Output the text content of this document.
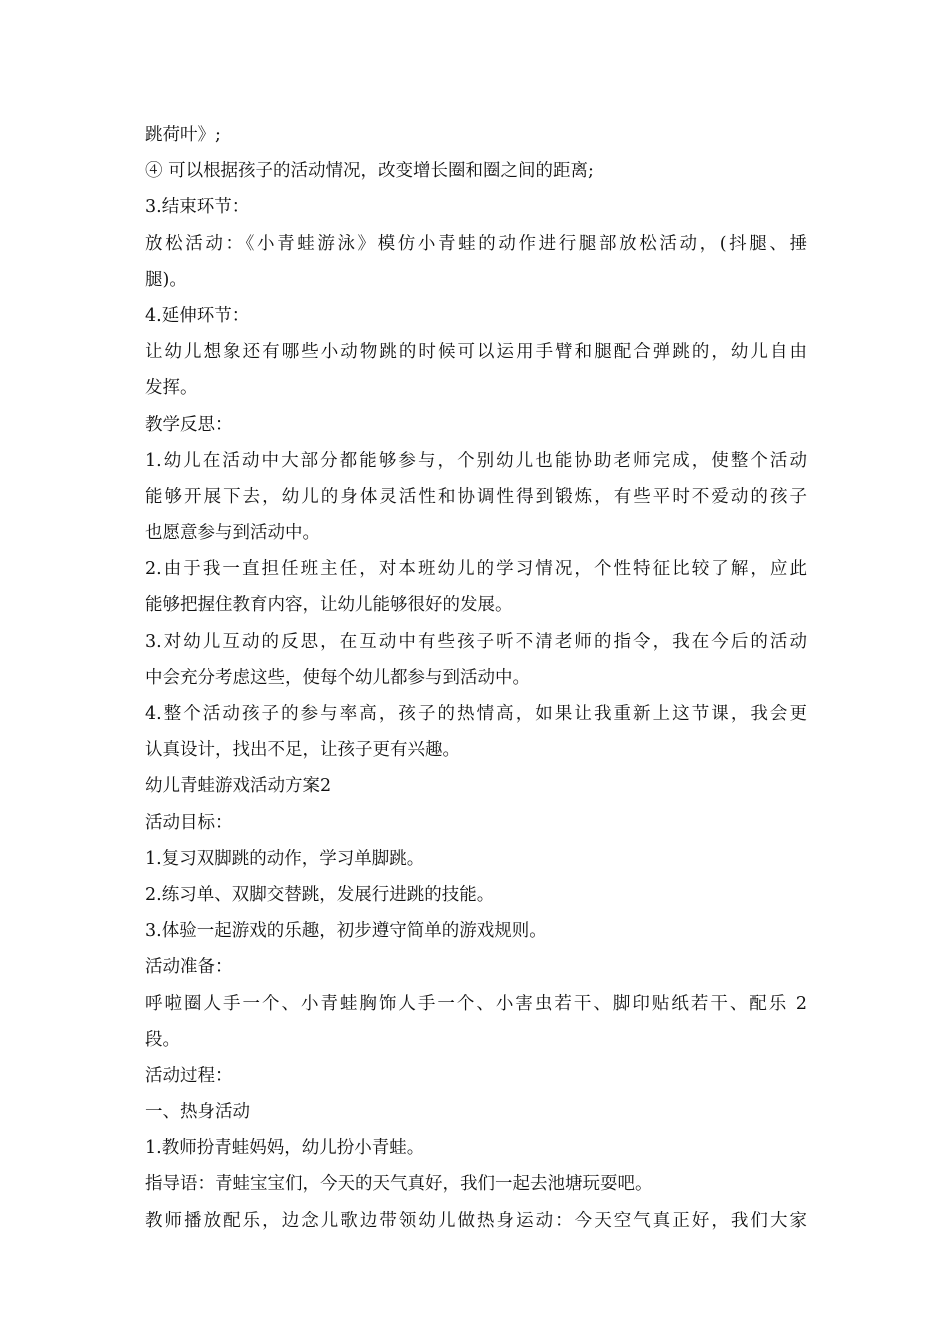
跳荷叶》;
④ 可以根据孩子的活动情况，改变增长圈和圈之间的距离;
3.结束环节：
放松活动：《小青蛙游泳》模仿小青蛙的动作进行腿部放松活动，(抖腿、捶
腿)。
4.延伸环节：
让幼儿想象还有哪些小动物跳的时候可以运用手臂和腿配合弹跳的，幼儿自由
发挥。
教学反思：
1.幼儿在活动中大部分都能够参与，个别幼儿也能协助老师完成，使整个活动
能够开展下去，幼儿的身体灵活性和协调性得到锻炼，有些平时不爱动的孩子
也愿意参与到活动中。
2.由于我一直担任班主任，对本班幼儿的学习情况，个性特征比较了解，应此
能够把握住教育内容，让幼儿能够很好的发展。
3.对幼儿互动的反思，在互动中有些孩子听不清老师的指令，我在今后的活动
中会充分考虑这些，使每个幼儿都参与到活动中。
4.整个活动孩子的参与率高，孩子的热情高，如果让我重新上这节课，我会更
认真设计，找出不足，让孩子更有兴趣。
幼儿青蛙游戏活动方案2
活动目标：
1.复习双脚跳的动作，学习单脚跳。
2.练习单、双脚交替跳，发展行进跳的技能。
3.体验一起游戏的乐趣，初步遵守简单的游戏规则。
活动准备：
呼啦圈人手一个、小青蛙胸饰人手一个、小害虫若干、脚印贴纸若干、配乐 2
段。
活动过程：
一、热身活动
1.教师扮青蛙妈妈，幼儿扮小青蛙。
指导语：青蛙宝宝们，今天的天气真好，我们一起去池塘玩耍吧。
教师播放配乐，边念儿歌边带领幼儿做热身运动：今天空气真正好，我们大家
